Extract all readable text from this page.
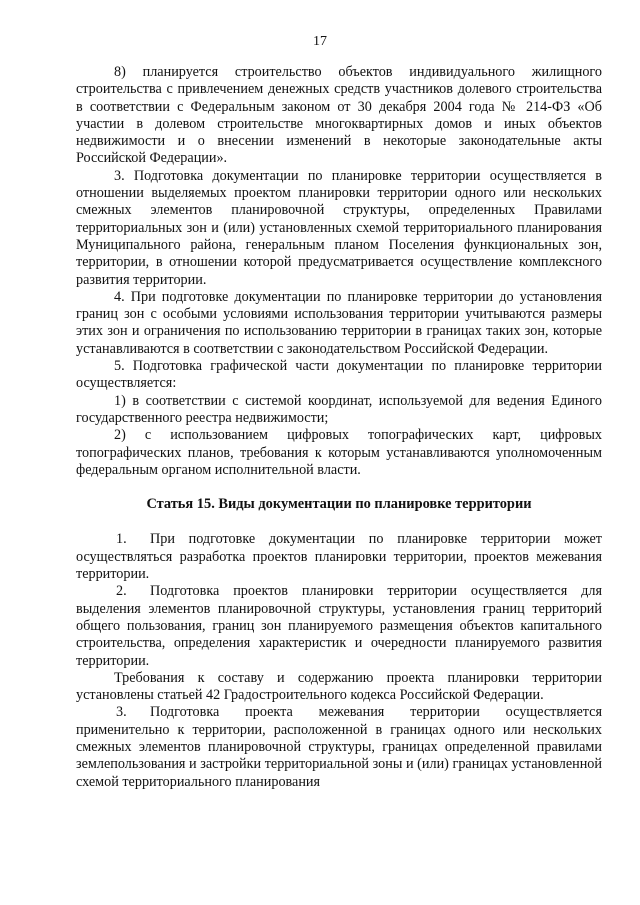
17

8) планируется строительство объектов индивидуального жилищного строительства с привлечением денежных средств участников долевого строительства в соответствии с Федеральным законом от 30 декабря 2004 года № 214-ФЗ «Об участии в долевом строительстве многоквартирных домов и иных объектов недвижимости и о внесении изменений в некоторые законодательные акты Российской Федерации».

3. Подготовка документации по планировке территории осуществляется в отношении выделяемых проектом планировки территории одного или нескольких смежных элементов планировочной структуры, определенных Правилами территориальных зон и (или) установленных схемой территориального планирования Муниципального района, генеральным планом Поселения функциональных зон, территории, в отношении которой предусматривается осуществление комплексного развития территории.

4. При подготовке документации по планировке территории до установления границ зон с особыми условиями использования территории учитываются размеры этих зон и ограничения по использованию территории в границах таких зон, которые устанавливаются в соответствии с законодательством Российской Федерации.

5. Подготовка графической части документации по планировке территории осуществляется:

1) в соответствии с системой координат, используемой для ведения Единого государственного реестра недвижимости;

2) с использованием цифровых топографических карт, цифровых топографических планов, требования к которым устанавливаются уполномоченным федеральным органом исполнительной власти.

Статья 15. Виды документации по планировке территории

1. При подготовке документации по планировке территории может осуществляться разработка проектов планировки территории, проектов межевания территории.

2. Подготовка проектов планировки территории осуществляется для выделения элементов планировочной структуры, установления границ территорий общего пользования, границ зон планируемого размещения объектов капитального строительства, определения характеристик и очередности планируемого развития территории.

Требования к составу и содержанию проекта планировки территории установлены статьей 42 Градостроительного кодекса Российской Федерации.

3. Подготовка проекта межевания территории осуществляется применительно к территории, расположенной в границах одного или нескольких смежных элементов планировочной структуры, границах определенной правилами землепользования и застройки территориальной зоны и (или) границах установленной схемой территориального планирования
